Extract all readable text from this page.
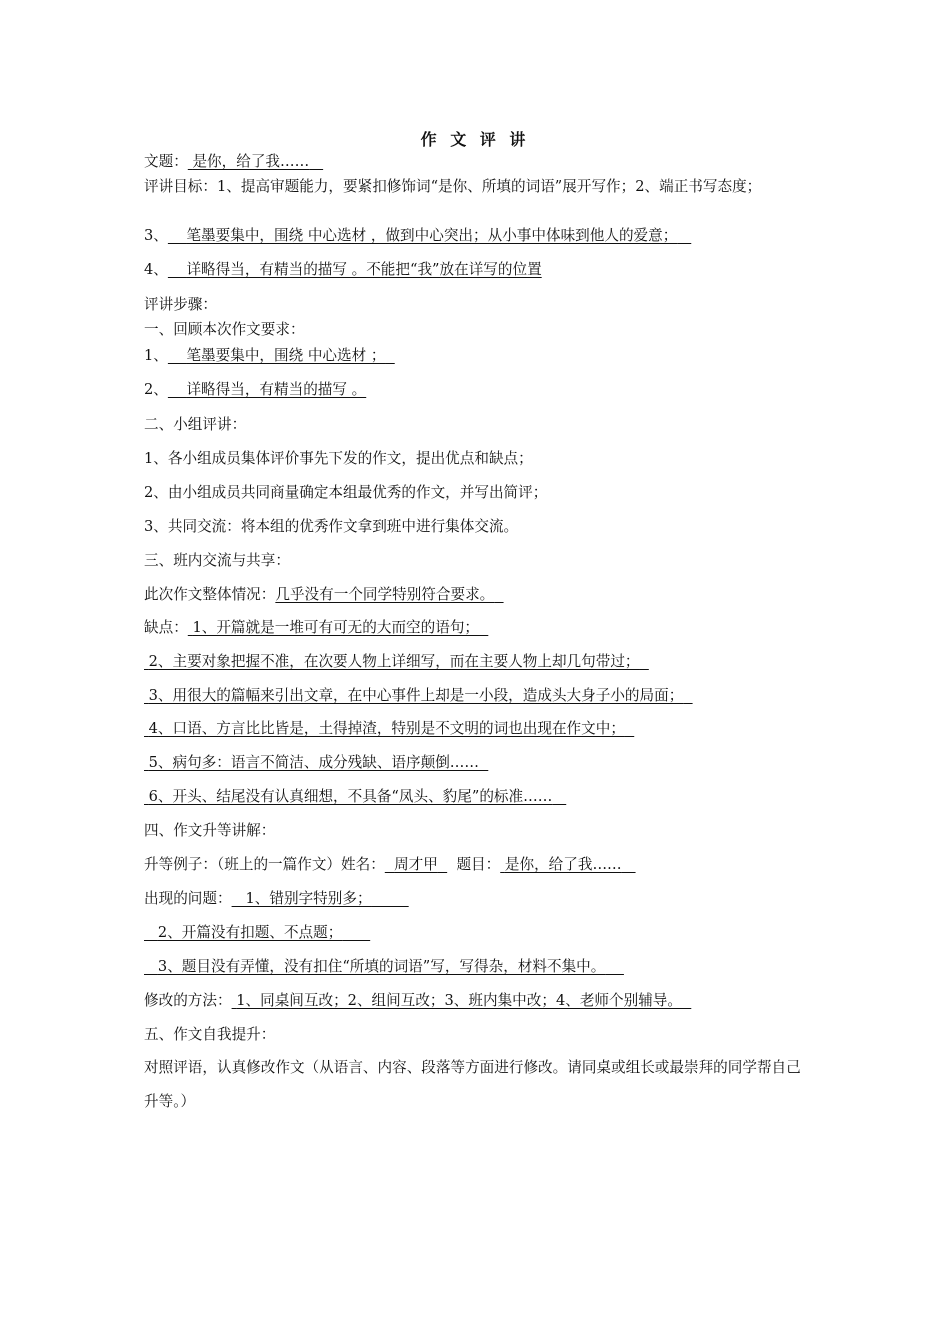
作 文 评 讲
文题： 是你，给了我……
评讲目标：1、提高审题能力，要紧扣修饰词“是你、所填的词语”展开写作；2、端正书写态度；
3、 笔墨要集中，围绕 中心选材 ，做到中心突出；从小事中体味到他人的爱意；
4、 详略得当，有精当的描写 。不能把“我”放在详写的位置
评讲步骤：
一、回顾本次作文要求：
1、 笔墨要集中，围绕 中心选材 ；
2、 详略得当，有精当的描写 。
二、小组评讲：
1、各小组成员集体评价事先下发的作文，提出优点和缺点；
2、由小组成员共同商量确定本组最优秀的作文，并写出简评；
3、共同交流：将本组的优秀作文拿到班中进行集体交流。
三、班内交流与共享：
此次作文整体情况：几乎没有一个同学特别符合要求。
缺点： 1、开篇就是一堆可有可无的大而空的语句；
2、主要对象把握不准，在次要人物上详细写，而在主要人物上却几句带过；
3、用很大的篇幅来引出文章，在中心事件上却是一小段，造成头大身子小的局面；
4、口语、方言比比皆是，土得掉渣，特别是不文明的词也出现在作文中；
5、病句多：语言不简洁、成分残缺、语序颠倒……
6、开头、结尾没有认真细想，不具备“凤头、豹尾”的标准……
四、作文升等讲解：
升等例子：（班上的一篇作文）姓名： 周才甲 题目： 是你，给了我……
出现的问题： 1、错别字特别多；
2、开篇没有扣题、不点题；
3、题目没有弄懂，没有扣住“所填的词语”写，写得杂，材料不集中。
修改的方法： 1、同桌间互改；2、组间互改；3、班内集中改；4、老师个别辅导。
五、作文自我提升：
对照评语，认真修改作文（从语言、内容、段落等方面进行修改。请同桌或组长或最崇拜的同学帮自己升等。）
